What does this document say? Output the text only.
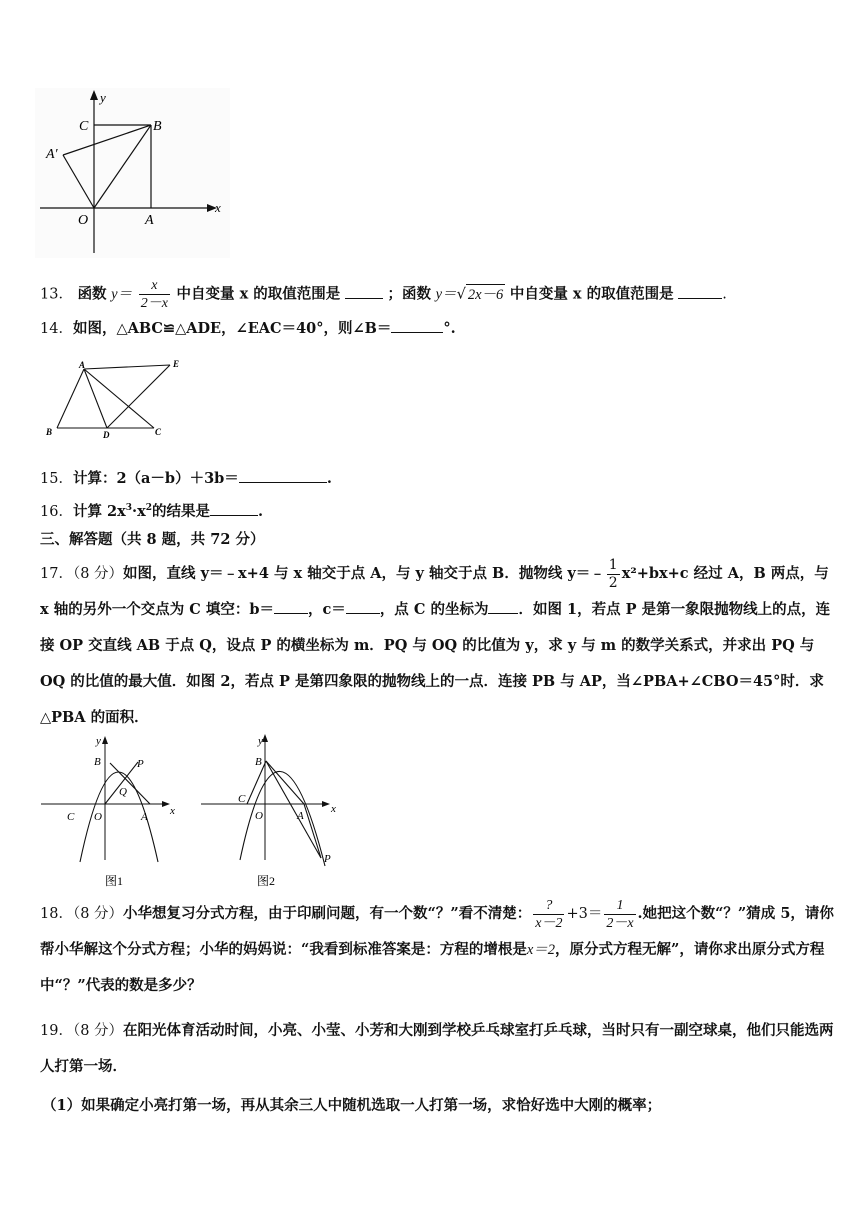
y
x
C	B
A′
O	A
13． 函数 $y= \frac{x}{2-x}$ 中自变量 x 的取值范围是	；函数 y＝√ 2x－6 中自变量 x 的取值范围是	.
14．如图，△ABC≌△ADE，∠EAC＝40°，则∠B＝	°.
A	E
B	D	C
15．计算：2（a－b）＋3b＝	.
16．计算 $2x^3\cdot x^2$的结果是	.
三、解答题（共 8 题，共 72 分）
17．（8 分）如图，直线 y＝﹣x+4 与 x 轴交于点 A，与 y 轴交于点 B．抛物线 y＝﹣ $\frac{1}{2} x^2+bx+c$ 经过 A，B 两点，与 x 轴的另外一个交点为 C 填空：b＝ ，c＝ ，点 C 的坐标为 ．如图 1，若点 P 是第一象限抛物线上的点，连接 OP 交直线 AB 于点 Q，设点 P 的横坐标为 m．PQ 与 OQ 的比值为 y，求 y 与 m 的数学关系式，并求出 PQ 与 OQ 的比值的最大值．如图 2，若点 P 是第四象限的抛物线上的一点．连接 PB 与 AP，当∠PBA+∠CBO＝45°时．求△PBA 的面积．
y
B	P
Q
C O	A x
图1
y
B
C
O	A
x
P
图2
18．（8 分）小华想复习分式方程，由于印刷问题，有一个数“？”看不清楚： $\frac{?}{x-2} +3= \frac{1}{2-x}$ .她把这个数“？”猜成 5，请你帮小华解这个分式方程；小华的妈妈说：“我看到标准答案是：方程的增根是x＝2，原分式方程无解”，请你求出原分式方程中“？”代表的数是多少？
19．（8 分）在阳光体育活动时间，小亮、小莹、小芳和大刚到学校乒乓球室打乒乓球，当时只有一副空球桌，他们只能选两人打第一场．
（1）如果确定小亮打第一场，再从其余三人中随机选取一人打第一场，求恰好选中大刚的概率；
